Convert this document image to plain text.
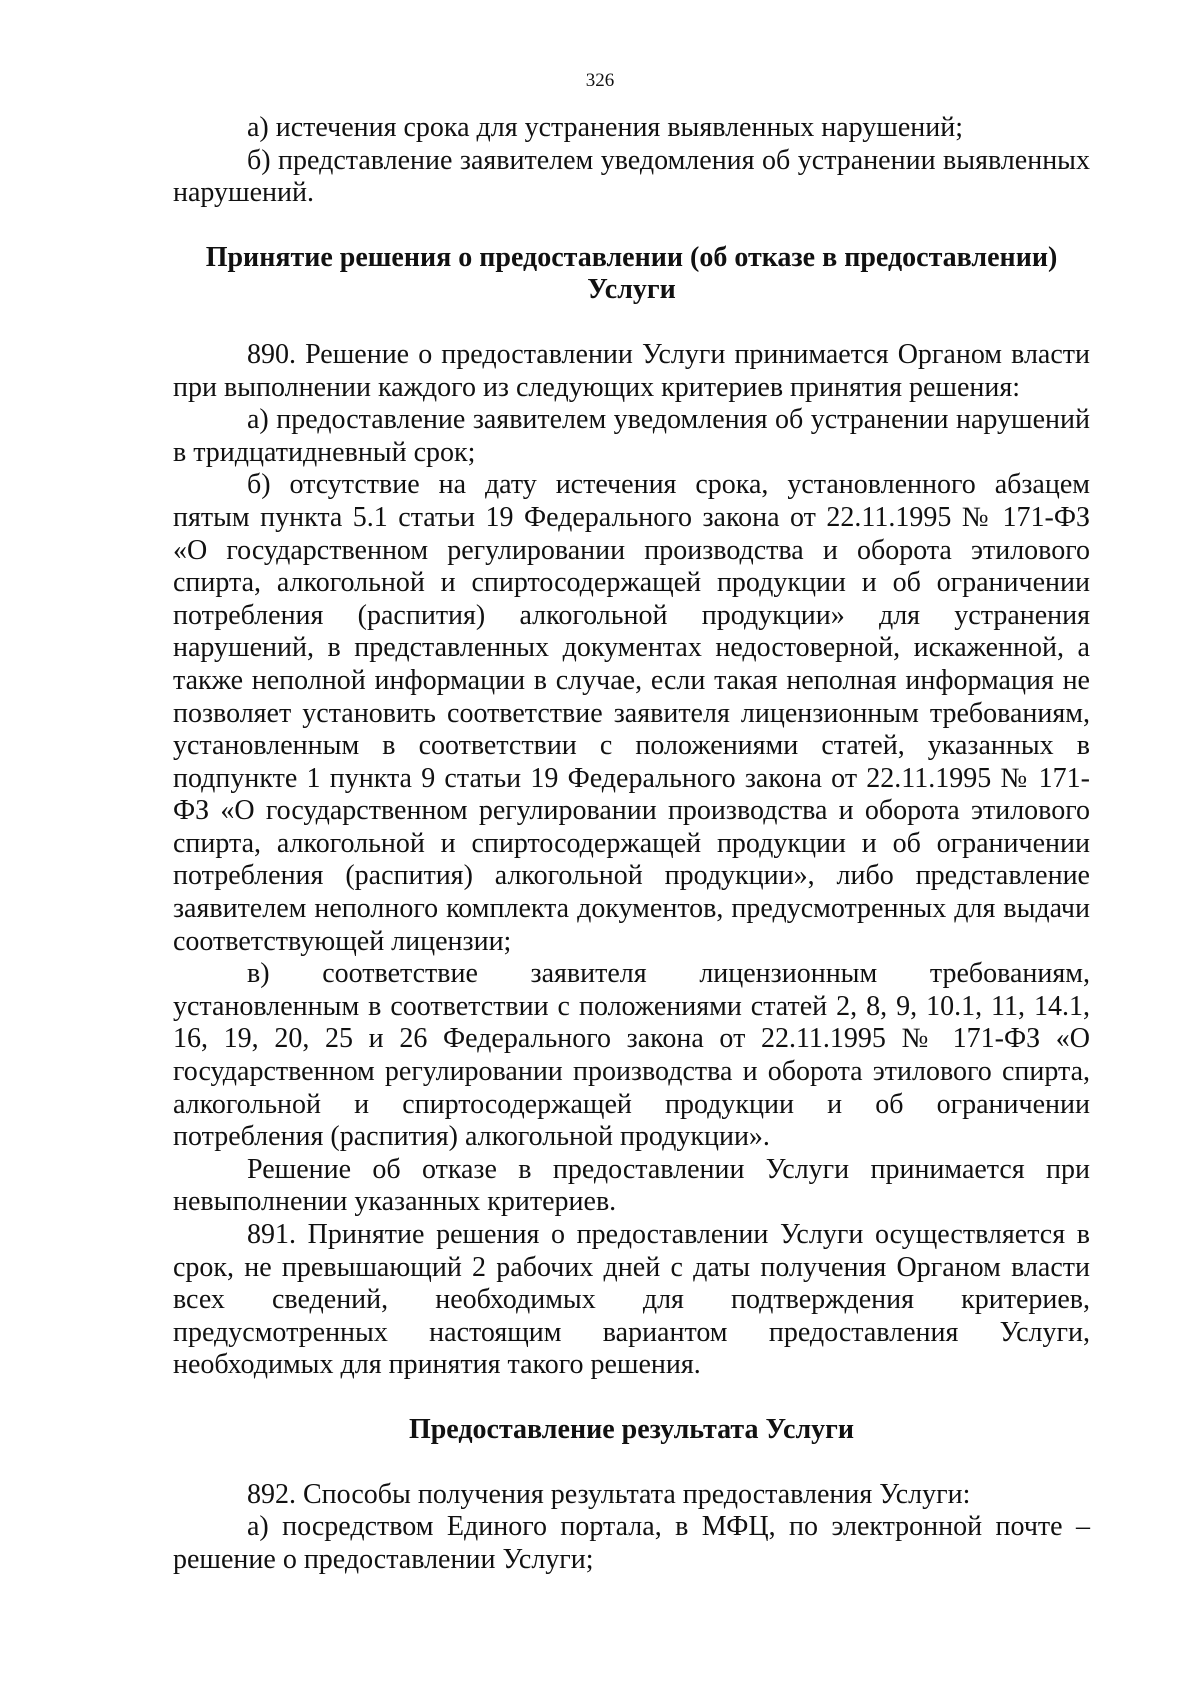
326

а) истечения срока для устранения выявленных нарушений;

б) представление заявителем уведомления об устранении выявленных нарушений.

Принятие решения о предоставлении (об отказе в предоставлении) Услуги

890. Решение о предоставлении Услуги принимается Органом власти при выполнении каждого из следующих критериев принятия решения:

а) предоставление заявителем уведомления об устранении нарушений в тридцатидневный срок;

б) отсутствие на дату истечения срока, установленного абзацем пятым пункта 5.1 статьи 19 Федерального закона от 22.11.1995 № 171-ФЗ «О государственном регулировании производства и оборота этилового спирта, алкогольной и спиртосодержащей продукции и об ограничении потребления (распития) алкогольной продукции» для устранения нарушений, в представленных документах недостоверной, искаженной, а также неполной информации в случае, если такая неполная информация не позволяет установить соответствие заявителя лицензионным требованиям, установленным в соответствии с положениями статей, указанных в подпункте 1 пункта 9 статьи 19 Федерального закона от 22.11.1995 № 171-ФЗ «О государственном регулировании производства и оборота этилового спирта, алкогольной и спиртосодержащей продукции и об ограничении потребления (распития) алкогольной продукции», либо представление заявителем неполного комплекта документов, предусмотренных для выдачи соответствующей лицензии;

в) соответствие заявителя лицензионным требованиям, установленным в соответствии с положениями статей 2, 8, 9, 10.1, 11, 14.1, 16, 19, 20, 25 и 26 Федерального закона от 22.11.1995 № 171-ФЗ «О государственном регулировании производства и оборота этилового спирта, алкогольной и спиртосодержащей продукции и об ограничении потребления (распития) алкогольной продукции».

Решение об отказе в предоставлении Услуги принимается при невыполнении указанных критериев.

891. Принятие решения о предоставлении Услуги осуществляется в срок, не превышающий 2 рабочих дней с даты получения Органом власти всех сведений, необходимых для подтверждения критериев, предусмотренных настоящим вариантом предоставления Услуги, необходимых для принятия такого решения.

Предоставление результата Услуги

892. Способы получения результата предоставления Услуги:

а) посредством Единого портала, в МФЦ, по электронной почте – решение о предоставлении Услуги;
